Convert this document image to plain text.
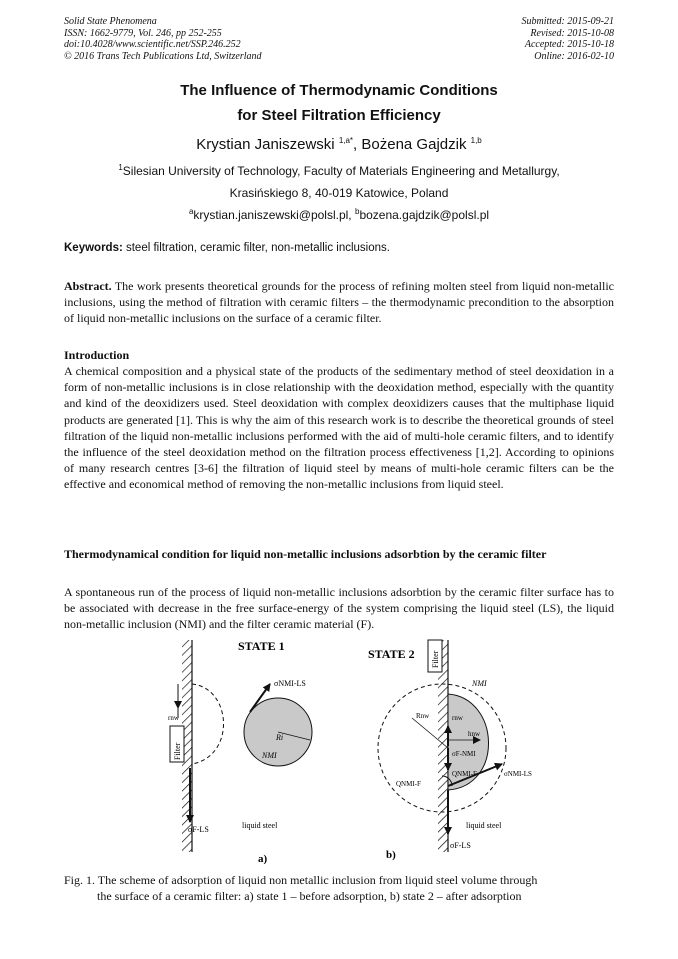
Solid State Phenomena
ISSN: 1662-9779, Vol. 246, pp 252-255
doi:10.4028/www.scientific.net/SSP.246.252
© 2016 Trans Tech Publications Ltd, Switzerland
Submitted: 2015-09-21
Revised: 2015-10-08
Accepted: 2015-10-18
Online: 2016-02-10
The Influence of Thermodynamic Conditions
for Steel Filtration Efficiency
Krystian Janiszewski $^{1,a*}$, Bożena Gajdzik $^{1,b}$
$^1$Silesian University of Technology, Faculty of Materials Engineering and Metallurgy,
Krasińskiego 8, 40-019 Katowice, Poland
$^a$krystian.janiszewski@polsl.pl, $^b$bozena.gajdzik@polsl.pl
Keywords: steel filtration, ceramic filter, non-metallic inclusions.
Abstract. The work presents theoretical grounds for the process of refining molten steel from liquid non-metallic inclusions, using the method of filtration with ceramic filters – the thermodynamic precondition to the absorption of liquid non-metallic inclusions on the surface of a ceramic filter.
Introduction
A chemical composition and a physical state of the products of the sedimentary method of steel deoxidation in a form of non-metallic inclusions is in close relationship with the deoxidation method, especially with the quantity and kind of the deoxidizers used. Steel deoxidation with complex deoxidizers causes that the multiphase liquid products are generated [1]. This is why the aim of this research work is to describe the theoretical grounds of steel filtration of the liquid non-metallic inclusions performed with the aid of multi-hole ceramic filters, and to identify the influence of the steel deoxidation method on the filtration process effectiveness [1,2]. According to opinions of many research centres [3-6] the filtration of liquid steel by means of multi-hole ceramic filters can be the effective and economical method of removing the non-metallic inclusions from liquid steel.
Thermodynamical condition for liquid non-metallic inclusions adsorbtion by the ceramic filter
A spontaneous run of the process of liquid non-metallic inclusions adsorbtion by the ceramic filter surface has to be associated with decrease in the free surface-energy of the system comprising the liquid steel (LS), the liquid non-metallic inclusion (NMI) and the filter ceramic material (F).
rnw
Filter
σF-LS
STATE 1
Ri
NMI
σNMI-LS
liquid steel
a)
Filter
STATE 2
NMI
Rnw	rnw
hnw
σF-NMI
σNMI-LS
QNMI-F
QNMI-F
σF-LS
liquid steel
b)
Fig. 1. The scheme of adsorption of liquid non metallic inclusion from liquid steel volume through
the surface of a ceramic filter: a) state 1 – before adsorption, b) state 2 – after adsorption
